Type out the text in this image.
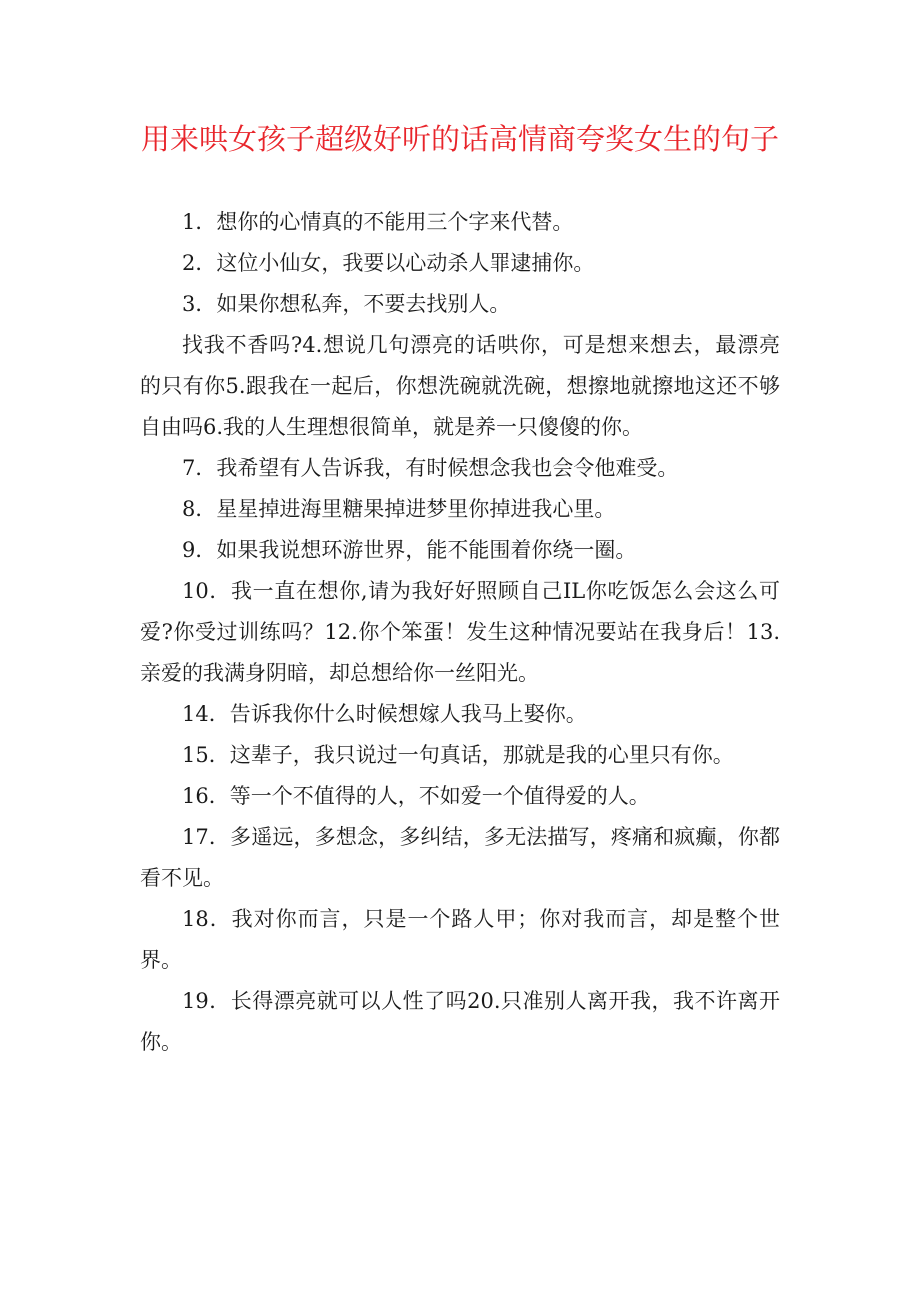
用来哄女孩子超级好听的话高情商夸奖女生的句子

1．想你的心情真的不能用三个字来代替。

2．这位小仙女，我要以心动杀人罪逮捕你。

3．如果你想私奔，不要去找别人。

找我不香吗?4.想说几句漂亮的话哄你，可是想来想去，最漂亮的只有你5.跟我在一起后，你想洗碗就洗碗，想擦地就擦地这还不够自由吗6.我的人生理想很简单，就是养一只傻傻的你。

7．我希望有人告诉我，有时候想念我也会令他难受。

8．星星掉进海里糖果掉进梦里你掉进我心里。

9．如果我说想环游世界，能不能围着你绕一圈。

10．我一直在想你,请为我好好照顾自己IL你吃饭怎么会这么可爱?你受过训练吗？12.你个笨蛋！发生这种情况要站在我身后！13.亲爱的我满身阴暗，却总想给你一丝阳光。

14．告诉我你什么时候想嫁人我马上娶你。

15．这辈子，我只说过一句真话，那就是我的心里只有你。

16．等一个不值得的人，不如爱一个值得爱的人。

17．多遥远，多想念，多纠结，多无法描写，疼痛和疯癫，你都看不见。

18．我对你而言，只是一个路人甲；你对我而言，却是整个世界。

19．长得漂亮就可以人性了吗20.只准别人离开我，我不许离开你。
